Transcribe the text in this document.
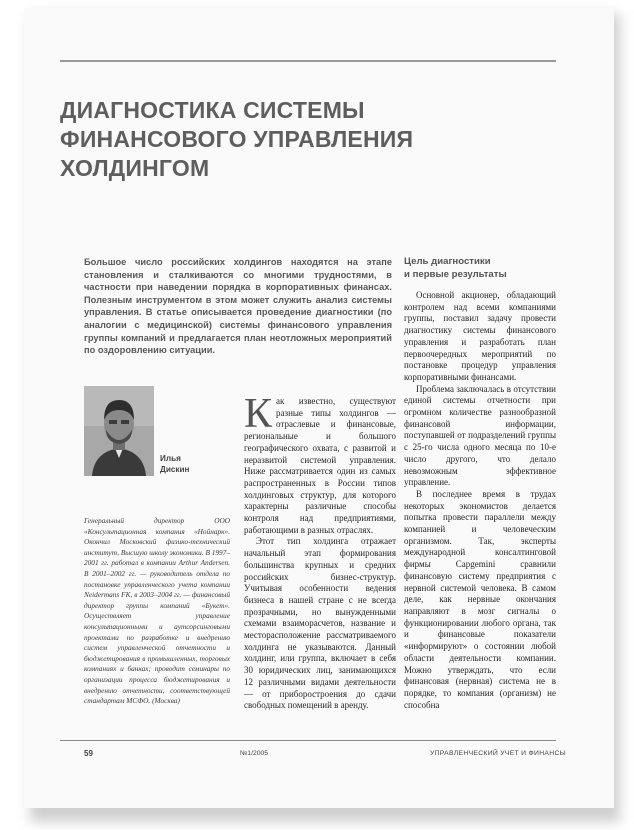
ДИАГНОСТИКА СИСТЕМЫ
ФИНАНСОВОГО УПРАВЛЕНИЯ
ХОЛДИНГОМ

Большое число российских холдингов находятся на этапе становления и сталкиваются со многими трудностями, в частности при наведении порядка в корпоративных финансах. Полезным инструментом в этом может служить анализ системы управления. В статье описывается проведение диагностики (по аналогии с медицинской) системы финансового управления группы компаний и предлагается план неотложных мероприятий по оздоровлению ситуации.

Цель диагностики
и первые результаты

Илья
Дискин

Генеральный директор ООО «Консультационная компания «Нойнарк». Окончил Московский физико-технический институт, Высшую школу экономики. В 1997–2001 гг. работал в компании Arthur Andersen. В 2001–2002 гг. — руководитель отдела по постановке управленческого учета компании Neidermans FK, в 2003–2004 гг. — финансовый директор группы компаний «Букет». Осуществляет управление консультационными и аутсорсинговыми проектами по разработке и внедрению систем управленческой отчетности и бюджетирования в промышленных, торговых компаниях и банках; проводит семинары по организации процесса бюджетирования и внедрению отчетности, соответствующей стандартам МСФО. (Москва)

Как известно, существуют разные типы холдингов — отраслевые и финансовые, региональные и большого географического охвата, с развитой и неразвитой системой управления. Ниже рассматривается один из самых распространенных в России типов холдинговых структур, для которого характерны различные способы контроля над предприятиями, работающими в разных отраслях.

Этот тип холдинга отражает начальный этап формирования большинства крупных и средних российских бизнес-структур. Учитывая особенности ведения бизнеса в нашей стране с не всегда прозрачными, но вынужденными схемами взаиморасчетов, название и месторасположение рассматриваемого холдинга не указываются. Данный холдинг, или группа, включает в себя 30 юридических лиц, занимающихся 12 различными видами деятельности — от приборостроения до сдачи свободных помещений в аренду.

Основной акционер, обладающий контролем над всеми компаниями группы, поставил задачу провести диагностику системы финансового управления и разработать план первоочередных мероприятий по постановке процедур управления корпоративными финансами.

Проблема заключалась в отсутствии единой системы отчетности при огромном количестве разнообразной финансовой информации, поступавшей от подразделений группы с 25-го числа одного месяца по 10-е число другого, что делало невозможным эффективное управление.

В последнее время в трудах некоторых экономистов делается попытка провести параллели между компанией и человеческим организмом. Так, эксперты международной консалтинговой фирмы Capgemini сравнили финансовую систему предприятия с нервной системой человека. В самом деле, как нервные окончания направляют в мозг сигналы о функционировании любого органа, так и финансовые показатели «информируют» о состоянии любой области деятельности компании. Можно утверждать, что если финансовая (нервная) система не в порядке, то компания (организм) не способна

59	№1/2005	УПРАВЛЕНЧЕСКИЙ УЧЕТ И ФИНАНСЫ
